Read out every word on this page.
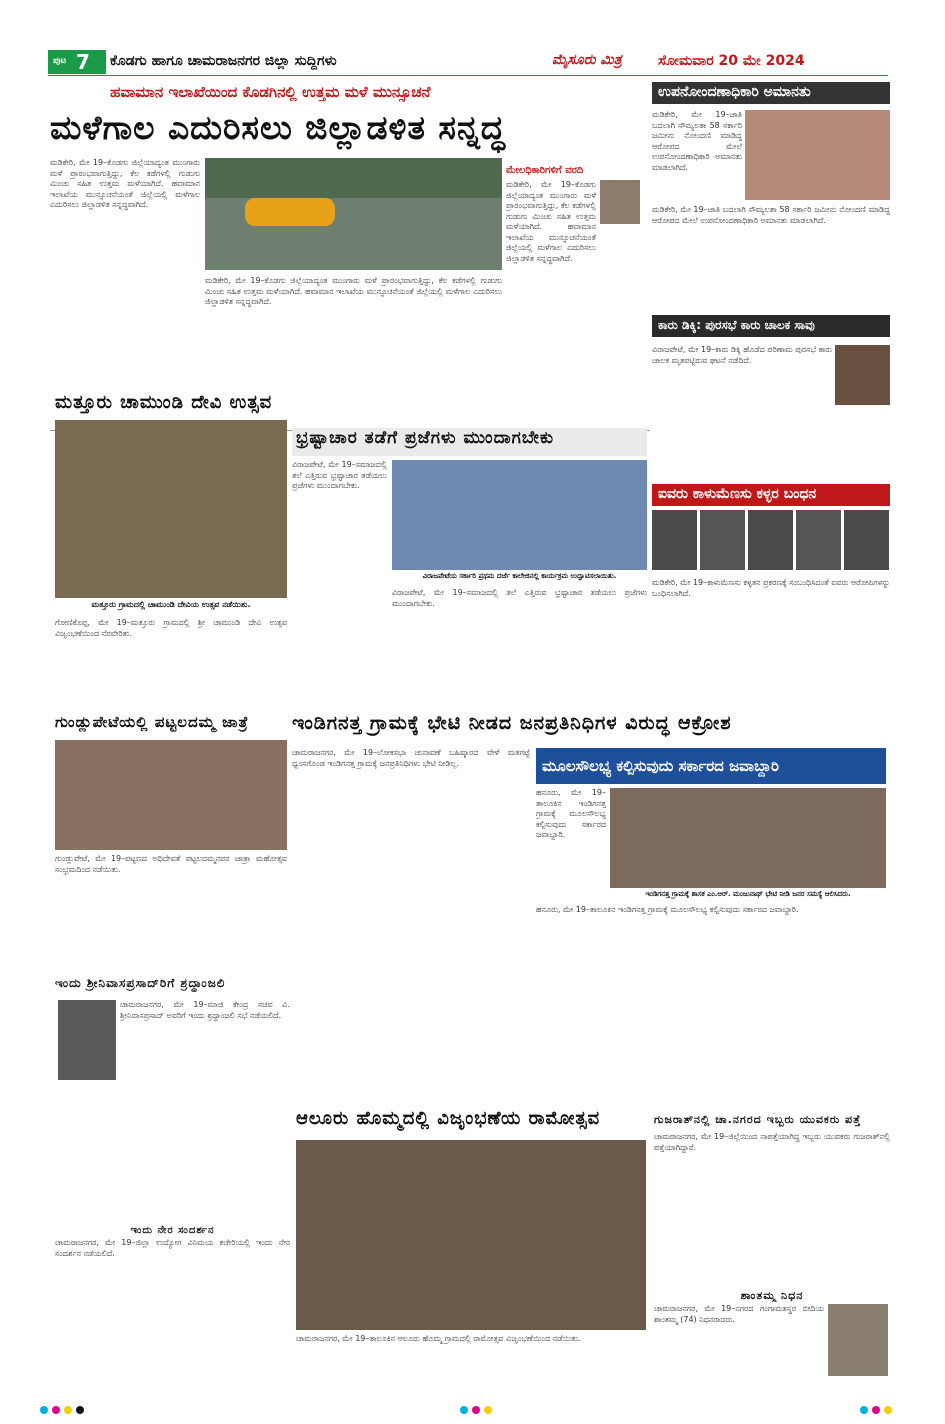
ಪುಟ 7 ಕೊಡಗು ಹಾಗೂ ಚಾಮರಾಜನಗರ ಜಿಲ್ಲಾ ಸುದ್ದಿಗಳು	ಮೈಸೂರು ಮಿತ್ರ	ಸೋಮವಾರ 20 ಮೇ 2024
ಹವಾಮಾನ ಇಲಾಖೆಯಿಂದ ಕೊಡಗಿನಲ್ಲಿ ಉತ್ತಮ ಮಳೆ ಮುನ್ಸೂಚನೆ
ಮಳೆಗಾಲ ಎದುರಿಸಲು ಜಿಲ್ಲಾಡಳಿತ ಸನ್ನದ್ಧ
ಮಡಿಕೇರಿ, ಮೇ 19–ಕೊಡಗು ಜಿಲ್ಲೆಯಾದ್ಯಂತ ಮುಂಗಾರು ಮಳೆ ಪ್ರಾರಂಭವಾಗುತ್ತಿದ್ದು, ಕೆಲ ಕಡೆಗಳಲ್ಲಿ ಗುಡುಗು ಮಿಂಚು ಸಹಿತ ಉತ್ತಮ ಮಳೆಯಾಗಿದೆ. ಹವಾಮಾನ ಇಲಾಖೆಯ ಮುನ್ಸೂಚನೆಯಂತೆ ಜಿಲ್ಲೆಯಲ್ಲಿ ಮಳೆಗಾಲ ಎದುರಿಸಲು ಜಿಲ್ಲಾಡಳಿತ ಸನ್ನದ್ಧವಾಗಿದೆ.
ಮಡಿಕೇರಿ, ಮೇ 19–ಕೊಡಗು ಜಿಲ್ಲೆಯಾದ್ಯಂತ ಮುಂಗಾರು ಮಳೆ ಪ್ರಾರಂಭವಾಗುತ್ತಿದ್ದು, ಕೆಲ ಕಡೆಗಳಲ್ಲಿ ಗುಡುಗು ಮಿಂಚು ಸಹಿತ ಉತ್ತಮ ಮಳೆಯಾಗಿದೆ. ಹವಾಮಾನ ಇಲಾಖೆಯ ಮುನ್ಸೂಚನೆಯಂತೆ ಜಿಲ್ಲೆಯಲ್ಲಿ ಮಳೆಗಾಲ ಎದುರಿಸಲು ಜಿಲ್ಲಾಡಳಿತ ಸನ್ನದ್ಧವಾಗಿದೆ.
ಮೇಲಧಿಕಾರಿಗಳಿಗೆ ವರದಿ
ಮಡಿಕೇರಿ, ಮೇ 19–ಕೊಡಗು ಜಿಲ್ಲೆಯಾದ್ಯಂತ ಮುಂಗಾರು ಮಳೆ ಪ್ರಾರಂಭವಾಗುತ್ತಿದ್ದು, ಕೆಲ ಕಡೆಗಳಲ್ಲಿ ಗುಡುಗು ಮಿಂಚು ಸಹಿತ ಉತ್ತಮ ಮಳೆಯಾಗಿದೆ. ಹವಾಮಾನ ಇಲಾಖೆಯ ಮುನ್ಸೂಚನೆಯಂತೆ ಜಿಲ್ಲೆಯಲ್ಲಿ ಮಳೆಗಾಲ ಎದುರಿಸಲು ಜಿಲ್ಲಾಡಳಿತ ಸನ್ನದ್ಧವಾಗಿದೆ.
ಉಪನೋಂದಣಾಧಿಕಾರಿ ಅಮಾನತು
ಮಡಿಕೇರಿ, ಮೇ 19–ಜಾತಿ ಬದಲಾಗಿ ಸೌಮ್ಯಲತಾ 58 ಸರ್ಕಾರಿ ಜಮೀನು ನೋಂದಣಿ ಮಾಡಿದ್ದ ಆರೋಪದ ಮೇಲೆ ಉಪನೋಂದಣಾಧಿಕಾರಿ ಅಮಾನತು ಮಾಡಲಾಗಿದೆ.
ಮಡಿಕೇರಿ, ಮೇ 19–ಜಾತಿ ಬದಲಾಗಿ ಸೌಮ್ಯಲತಾ 58 ಸರ್ಕಾರಿ ಜಮೀನು ನೋಂದಣಿ ಮಾಡಿದ್ದ ಆರೋಪದ ಮೇಲೆ ಉಪನೋಂದಣಾಧಿಕಾರಿ ಅಮಾನತು ಮಾಡಲಾಗಿದೆ.
ಕಾರು ಡಿಕ್ಕಿ: ಪುರಸಭೆ ಕಾರು ಚಾಲಕ ಸಾವು
ವಿರಾಜಪೇಟೆ, ಮೇ 19–ಕಾರು ಡಿಕ್ಕಿ ಹೊಡೆದ ಪರಿಣಾಮ ಪುರಸಭೆ ಕಾರು ಚಾಲಕ ಮೃತಪಟ್ಟಿರುವ ಘಟನೆ ನಡೆದಿದೆ.
ಐವರು ಕಾಳುಮೆಣಸು ಕಳ್ಳರ ಬಂಧನ
ಮಡಿಕೇರಿ, ಮೇ 19–ಕಾಳುಮೆಣಸು ಕಳ್ಳತನ ಪ್ರಕರಣಕ್ಕೆ ಸಂಬಂಧಿಸಿದಂತೆ ಐವರು ಆರೋಪಿಗಳನ್ನು ಬಂಧಿಸಲಾಗಿದೆ.
ಮತ್ತೂರು ಚಾಮುಂಡಿ ದೇವಿ ಉತ್ಸವ
ಮತ್ತೂರು ಗ್ರಾಮದಲ್ಲಿ ಚಾಮುಂಡಿ ದೇವಿಯ ಉತ್ಸವ ನಡೆಯಿತು.
ಗೋಣಿಕೊಪ್ಪ, ಮೇ 19–ಮತ್ತೂರು ಗ್ರಾಮದಲ್ಲಿ ಶ್ರೀ ಚಾಮುಂಡಿ ದೇವಿ ಉತ್ಸವ ವಿಜೃಂಭಣೆಯಿಂದ ನೆರವೇರಿತು.
ಭ್ರಷ್ಟಾಚಾರ ತಡೆಗೆ ಪ್ರಜೆಗಳು ಮುಂದಾಗಬೇಕು
ವಿರಾಜಪೇಟೆ, ಮೇ 19–ಸಮಾಜದಲ್ಲಿ ತಲೆ ಎತ್ತಿರುವ ಭ್ರಷ್ಟಾಚಾರ ತಡೆಯಲು ಪ್ರಜೆಗಳು ಮುಂದಾಗಬೇಕು.
ವಿರಾಜಪೇಟೆಯ ಸರ್ಕಾರಿ ಪ್ರಥಮ ದರ್ಜೆ ಕಾಲೇಜಿನಲ್ಲಿ ಕಾರ್ಯಕ್ರಮ ಉದ್ಘಾಟಿಸಲಾಯಿತು.
ವಿರಾಜಪೇಟೆ, ಮೇ 19–ಸಮಾಜದಲ್ಲಿ ತಲೆ ಎತ್ತಿರುವ ಭ್ರಷ್ಟಾಚಾರ ತಡೆಯಲು ಪ್ರಜೆಗಳು ಮುಂದಾಗಬೇಕು.
ಗುಂಡ್ಲುಪೇಟೆಯಲ್ಲಿ ಪಟ್ಟಲದಮ್ಮ ಜಾತ್ರೆ
ಗುಂಡ್ಲುಪೇಟೆ, ಮೇ 19–ಪಟ್ಟಣದ ಅಧಿದೇವತೆ ಪಟ್ಟಲದಮ್ಮನವರ ಜಾತ್ರಾ ಮಹೋತ್ಸವ ಸಂಭ್ರಮದಿಂದ ನಡೆಯಿತು.
ಇಂದು ಶ್ರೀನಿವಾಸಪ್ರಸಾದ್‌ರಿಗೆ ಶ್ರದ್ಧಾಂಜಲಿ
ಚಾಮರಾಜನಗರ, ಮೇ 19–ಮಾಜಿ ಕೇಂದ್ರ ಸಚಿವ ವಿ. ಶ್ರೀನಿವಾಸಪ್ರಸಾದ್ ಅವರಿಗೆ ಇಂದು ಶ್ರದ್ಧಾಂಜಲಿ ಸಭೆ ನಡೆಯಲಿದೆ.
ಇಂದು ನೇರ ಸಂದರ್ಶನ
ಚಾಮರಾಜನಗರ, ಮೇ 19–ಜಿಲ್ಲಾ ಉದ್ಯೋಗ ವಿನಿಮಯ ಕಚೇರಿಯಲ್ಲಿ ಇಂದು ನೇರ ಸಂದರ್ಶನ ನಡೆಯಲಿದೆ.
ಇಂಡಿಗನತ್ತ ಗ್ರಾಮಕ್ಕೆ ಭೇಟಿ ನೀಡದ ಜನಪ್ರತಿನಿಧಿಗಳ ವಿರುದ್ಧ ಆಕ್ರೋಶ
ಚಾಮರಾಜನಗರ, ಮೇ 19–ಲೋಕಸಭಾ ಚುನಾವಣೆ ಬಹಿಷ್ಕಾರದ ವೇಳೆ ಮತಗಟ್ಟೆ ಧ್ವಂಸಗೊಂಡ ಇಂಡಿಗನತ್ತ ಗ್ರಾಮಕ್ಕೆ ಜನಪ್ರತಿನಿಧಿಗಳು ಭೇಟಿ ನೀಡಿಲ್ಲ.	ಮೂಲಸೌಲಭ್ಯ ಕಲ್ಪಿಸುವುದು ಸರ್ಕಾರದ ಜವಾಬ್ದಾರಿ
ಹನೂರು, ಮೇ 19–ತಾಲೂಕಿನ ಇಂಡಿಗನತ್ತ ಗ್ರಾಮಕ್ಕೆ ಮೂಲಸೌಲಭ್ಯ ಕಲ್ಪಿಸುವುದು ಸರ್ಕಾರದ ಜವಾಬ್ದಾರಿ.
ಇಂಡಿಗನತ್ತ ಗ್ರಾಮಕ್ಕೆ ಶಾಸಕ ಎಂ.ಆರ್. ಮಂಜುನಾಥ್ ಭೇಟಿ ನೀಡಿ ಜನರ ಸಮಸ್ಯೆ ಆಲಿಸಿದರು.
ಹನೂರು, ಮೇ 19–ತಾಲೂಕಿನ ಇಂಡಿಗನತ್ತ ಗ್ರಾಮಕ್ಕೆ ಮೂಲಸೌಲಭ್ಯ ಕಲ್ಪಿಸುವುದು ಸರ್ಕಾರದ ಜವಾಬ್ದಾರಿ.
ಆಲೂರು ಹೊಮ್ಮದಲ್ಲಿ ವಿಜೃಂಭಣೆಯ ರಾಮೋತ್ಸವ
ಚಾಮರಾಜನಗರ, ಮೇ 19–ತಾಲೂಕಿನ ಆಲೂರು ಹೊಮ್ಮ ಗ್ರಾಮದಲ್ಲಿ ರಾಮೋತ್ಸವ ವಿಜೃಂಭಣೆಯಿಂದ ನಡೆಯಿತು.
ಗುಜರಾತ್‌ನಲ್ಲಿ ಚಾ.ನಗರದ ಇಬ್ಬರು ಯುವಕರು ಪತ್ತೆ
ಚಾಮರಾಜನಗರ, ಮೇ 19–ಜಿಲ್ಲೆಯಿಂದ ನಾಪತ್ತೆಯಾಗಿದ್ದ ಇಬ್ಬರು ಯುವಕರು ಗುಜರಾತ್‌ನಲ್ಲಿ ಪತ್ತೆಯಾಗಿದ್ದಾರೆ.
ಶಾಂತಮ್ಮ ನಿಧನ
ಚಾಮರಾಜನಗರ, ಮೇ 19–ನಗರದ ಗಂಗಾಮತಸ್ಥರ ಬೀದಿಯ ಶಾಂತಮ್ಮ (74) ನಿಧನರಾದರು.
